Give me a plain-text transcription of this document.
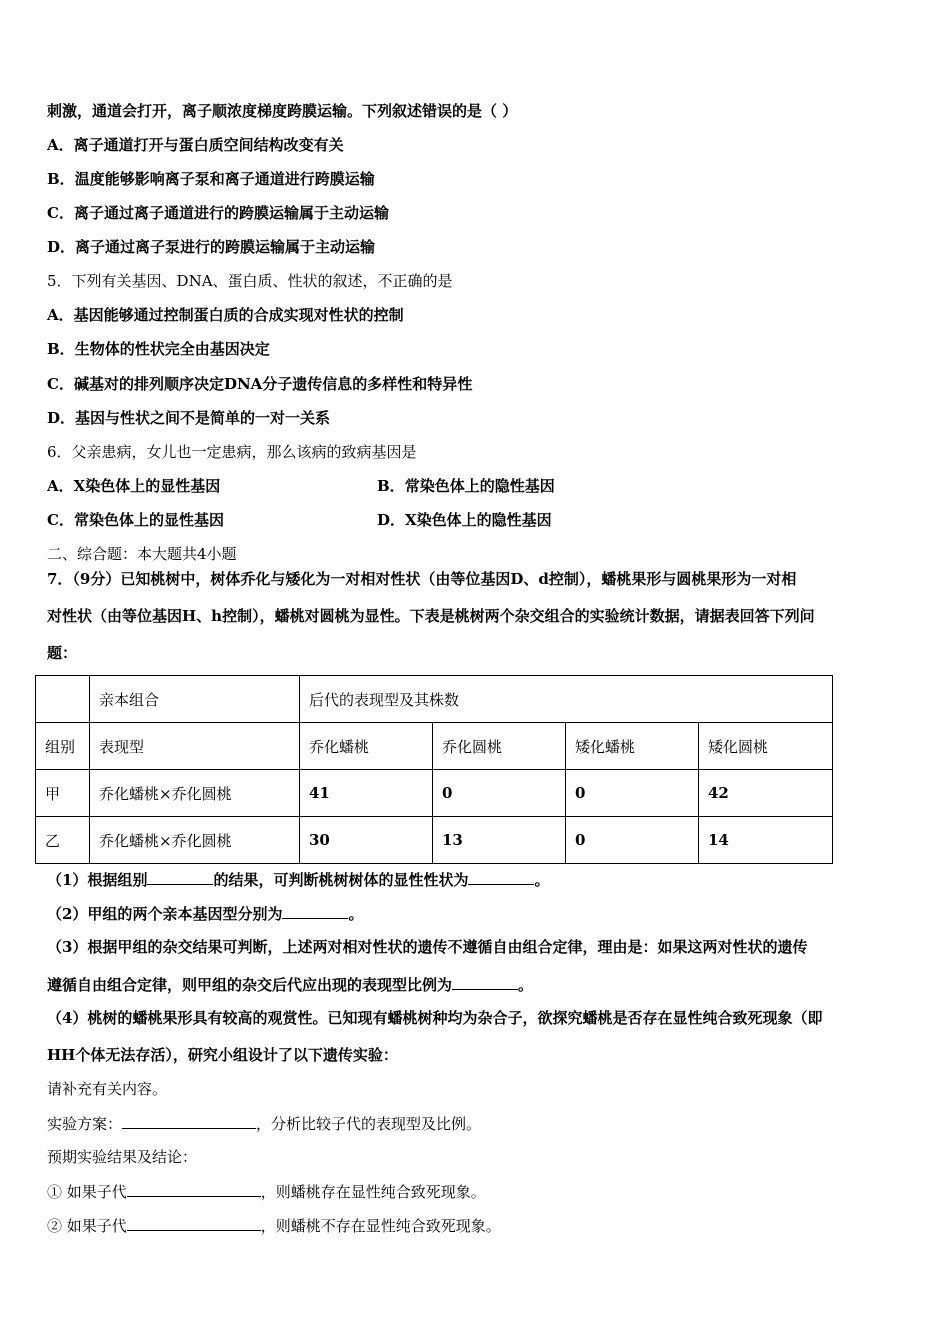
刺激，通道会打开，离子顺浓度梯度跨膜运输。下列叙述错误的是（ ）
A．离子通道打开与蛋白质空间结构改变有关
B．温度能够影响离子泵和离子通道进行跨膜运输
C．离子通过离子通道进行的跨膜运输属于主动运输
D．离子通过离子泵进行的跨膜运输属于主动运输
5．下列有关基因、DNA、蛋白质、性状的叙述，不正确的是
A．基因能够通过控制蛋白质的合成实现对性状的控制
B．生物体的性状完全由基因决定
C．碱基对的排列顺序决定DNA分子遗传信息的多样性和特异性
D．基因与性状之间不是简单的一对一关系
6．父亲患病，女儿也一定患病，那么该病的致病基因是
A．X染色体上的显性基因	B．常染色体上的隐性基因
C．常染色体上的显性基因	D．X染色体上的隐性基因
二、综合题：本大题共4小题
7．（9分）已知桃树中，树体乔化与矮化为一对相对性状（由等位基因D、d控制），蟠桃果形与圆桃果形为一对相
对性状（由等位基因H、h控制），蟠桃对圆桃为显性。下表是桃树两个杂交组合的实验统计数据，请据表回答下列问
题：
	亲本组合	后代的表现型及其株数			
组别	表现型	乔化蟠桃	乔化圆桃	矮化蟠桃	矮化圆桃
甲	乔化蟠桃×乔化圆桃	41	0	0	42
乙	乔化蟠桃×乔化圆桃	30	13	0	14
（1）根据组别	的结果，可判断桃树树体的显性性状为	。
（2）甲组的两个亲本基因型分别为	。
（3）根据甲组的杂交结果可判断，上述两对相对性状的遗传不遵循自由组合定律，理由是：如果这两对性状的遗传
遵循自由组合定律，则甲组的杂交后代应出现的表现型比例为	。
（4）桃树的蟠桃果形具有较高的观赏性。已知现有蟠桃树种均为杂合子，欲探究蟠桃是否存在显性纯合致死现象（即
HH个体无法存活），研究小组设计了以下遗传实验：
请补充有关内容。
实验方案：	，分析比较子代的表现型及比例。
预期实验结果及结论：
① 如果子代	，则蟠桃存在显性纯合致死现象。
② 如果子代	，则蟠桃不存在显性纯合致死现象。
